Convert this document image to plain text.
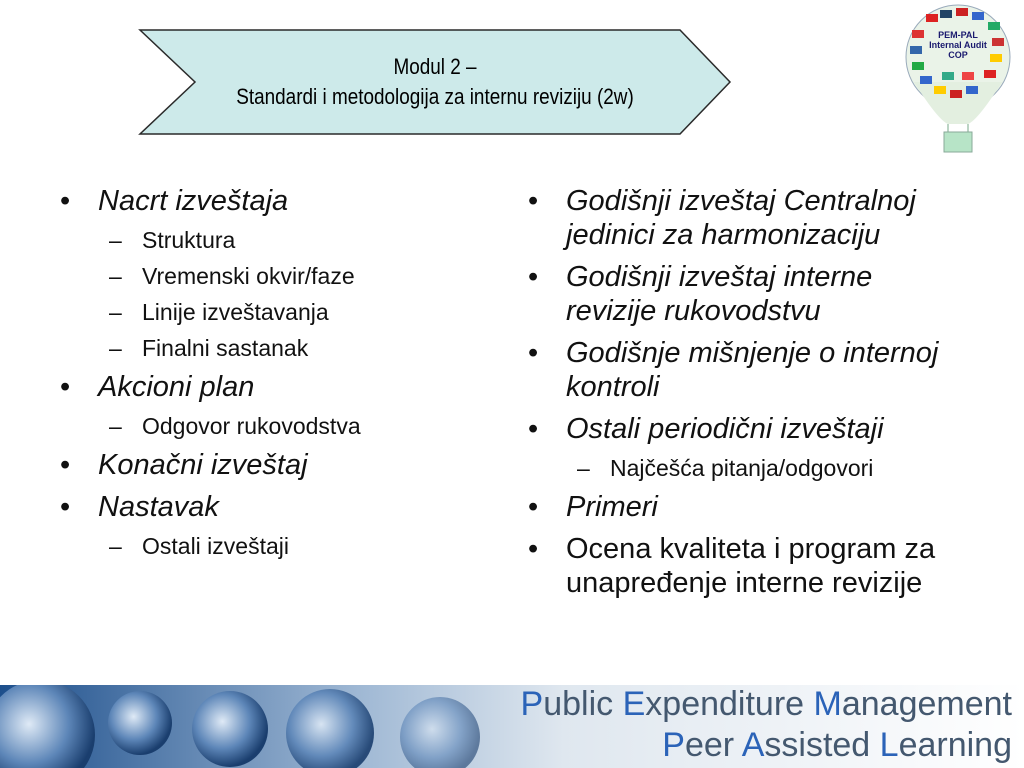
Modul 2 –
Standardi i metodologija za internu reviziju (2w)
PEM-PAL
Internal Audit
COP
• Nacrt izveštaja
– Struktura
– Vremenski okvir/faze
– Linije izveštavanja
– Finalni sastanak
• Akcioni plan
– Odgovor rukovodstva
• Konačni izveštaj
• Nastavak
– Ostali izveštaji
• Godišnji izveštaj Centralnoj jedinici za harmonizaciju
• Godišnji izveštaj interne revizije rukovodstvu
• Godišnje mišnjenje o internoj kontroli
• Ostali periodični izveštaji
– Najčešća pitanja/odgovori
• Primeri
• Ocena kvaliteta i program za unapređenje interne revizije
Public Expenditure Management
Peer Assisted Learning
